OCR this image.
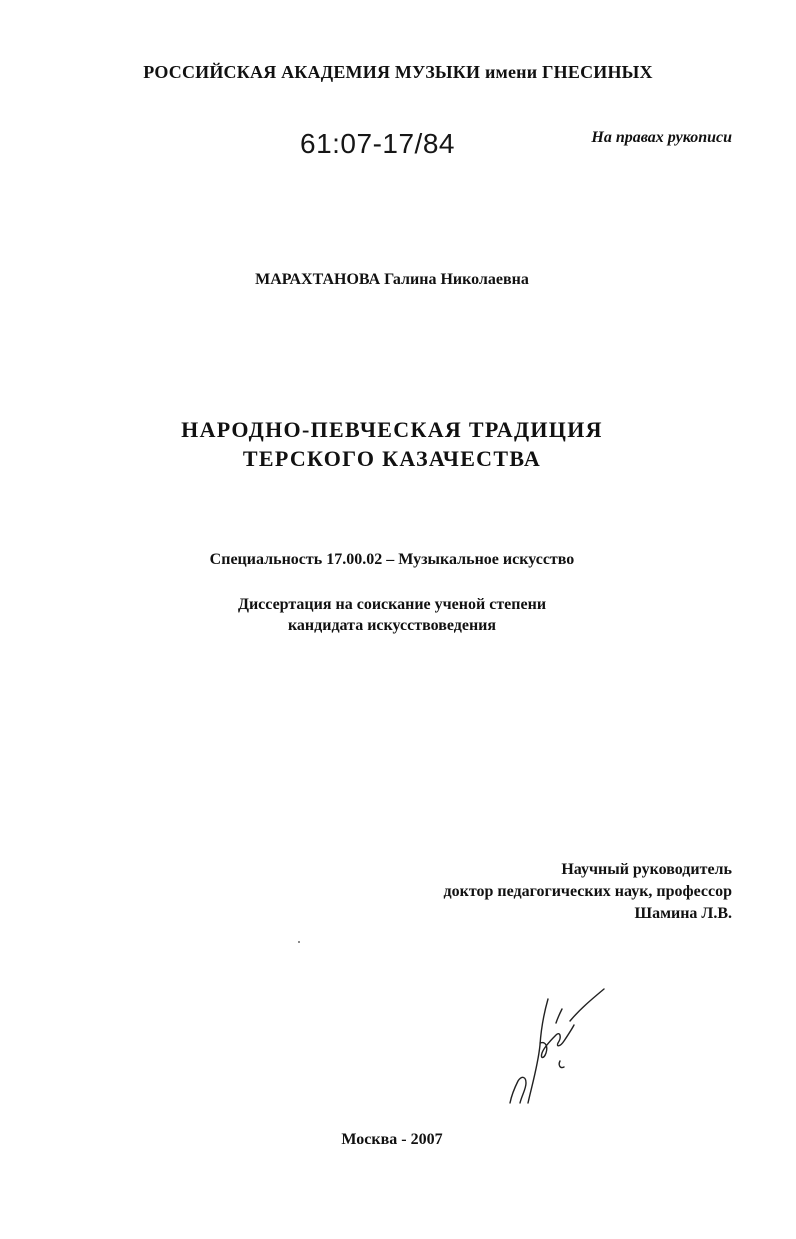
РОССИЙСКАЯ АКАДЕМИЯ МУЗЫКИ имени ГНЕСИНЫХ
61:07-17/84	На правах рукописи
МАРАХТАНОВА Галина Николаевна
НАРОДНО-ПЕВЧЕСКАЯ ТРАДИЦИЯ
ТЕРСКОГО КАЗАЧЕСТВА
Специальность 17.00.02 – Музыкальное искусство
Диссертация на соискание ученой степени
кандидата искусствоведения
Научный руководитель
доктор педагогических наук, профессор
Шамина Л.В.
Москва - 2007
